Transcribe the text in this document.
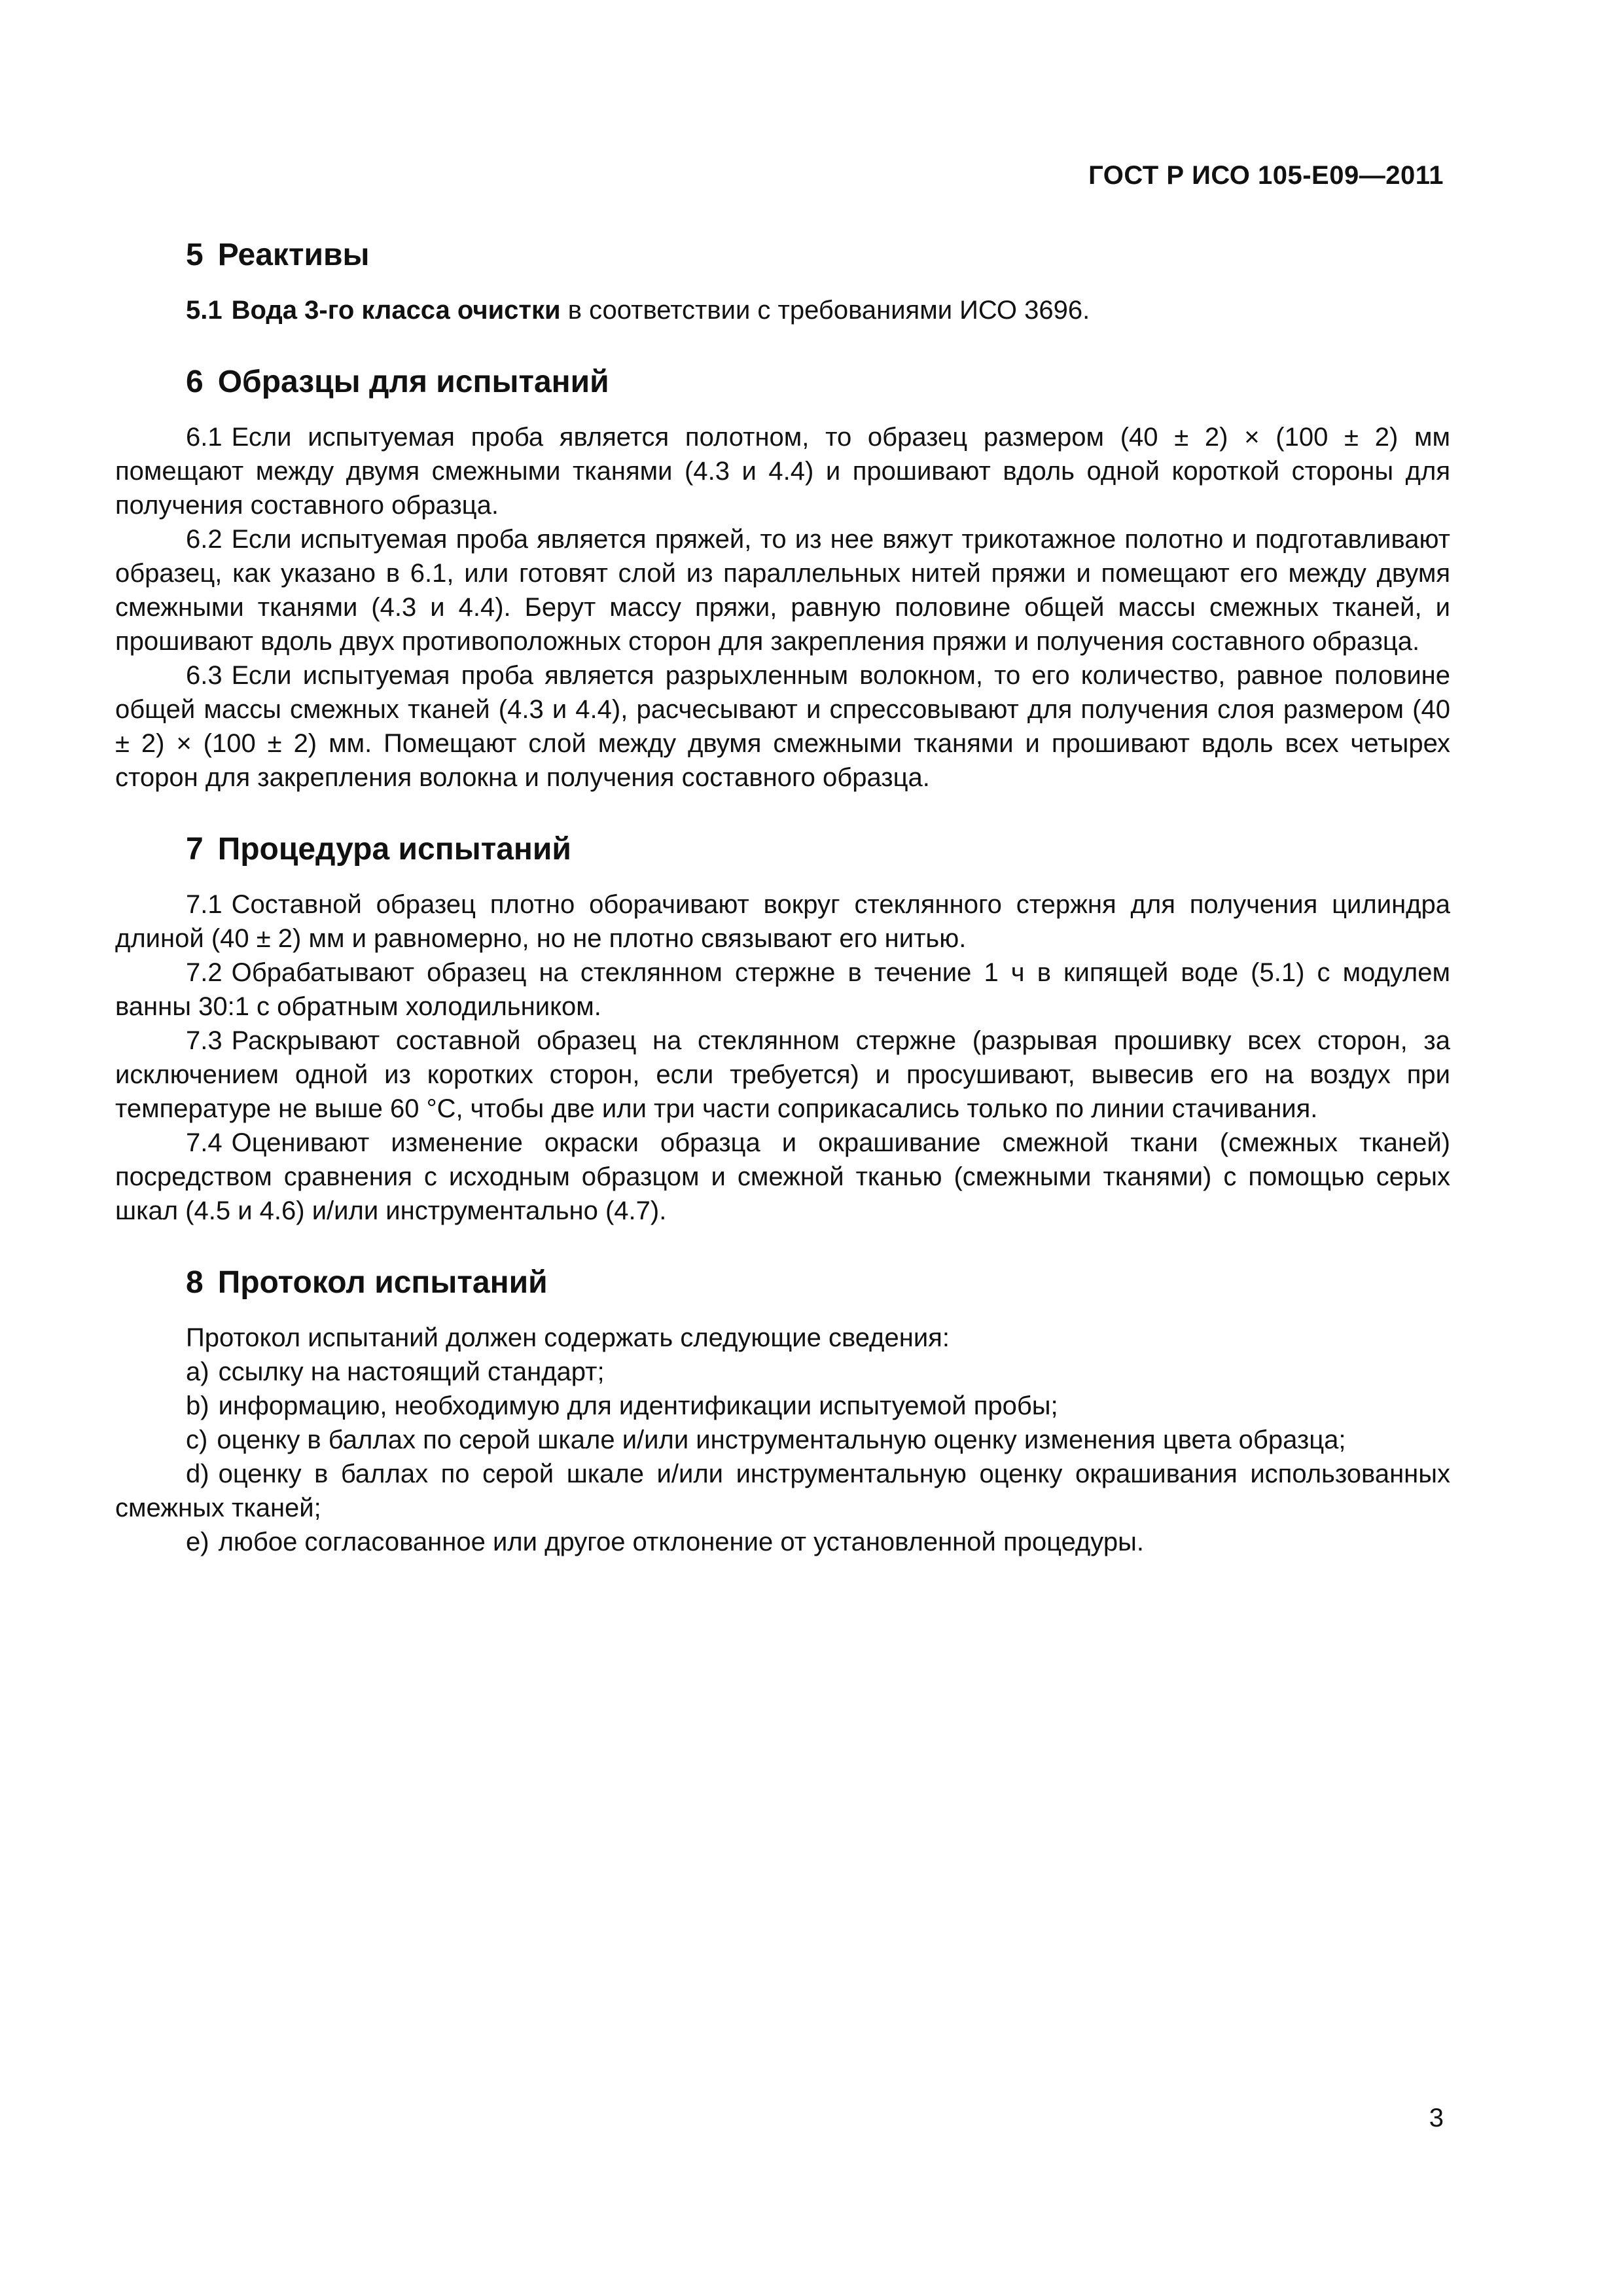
ГОСТ Р ИСО 105-Е09—2011
5 Реактивы

5.1 Вода 3-го класса очистки в соответствии с требованиями ИСО 3696.

6 Образцы для испытаний

6.1 Если испытуемая проба является полотном, то образец размером (40 ± 2) × (100 ± 2) мм помещают между двумя смежными тканями (4.3 и 4.4) и прошивают вдоль одной короткой стороны для получения составного образца.

6.2 Если испытуемая проба является пряжей, то из нее вяжут трикотажное полотно и подготавливают образец, как указано в 6.1, или готовят слой из параллельных нитей пряжи и помещают его между двумя смежными тканями (4.3 и 4.4). Берут массу пряжи, равную половине общей массы смежных тканей, и прошивают вдоль двух противоположных сторон для закрепления пряжи и получения составного образца.

6.3 Если испытуемая проба является разрыхленным волокном, то его количество, равное половине общей массы смежных тканей (4.3 и 4.4), расчесывают и спрессовывают для получения слоя размером (40 ± 2) × (100 ± 2) мм. Помещают слой между двумя смежными тканями и прошивают вдоль всех четырех сторон для закрепления волокна и получения составного образца.

7 Процедура испытаний

7.1 Составной образец плотно оборачивают вокруг стеклянного стержня для получения цилиндра длиной (40 ± 2) мм и равномерно, но не плотно связывают его нитью.

7.2 Обрабатывают образец на стеклянном стержне в течение 1 ч в кипящей воде (5.1) с модулем ванны 30:1 с обратным холодильником.

7.3 Раскрывают составной образец на стеклянном стержне (разрывая прошивку всех сторон, за исключением одной из коротких сторон, если требуется) и просушивают, вывесив его на воздух при температуре не выше 60 °С, чтобы две или три части соприкасались только по линии стачивания.

7.4 Оценивают изменение окраски образца и окрашивание смежной ткани (смежных тканей) посредством сравнения с исходным образцом и смежной тканью (смежными тканями) с помощью серых шкал (4.5 и 4.6) и/или инструментально (4.7).

8 Протокол испытаний

Протокол испытаний должен содержать следующие сведения:

a) ссылку на настоящий стандарт;

b) информацию, необходимую для идентификации испытуемой пробы;

c) оценку в баллах по серой шкале и/или инструментальную оценку изменения цвета образца;

d) оценку в баллах по серой шкале и/или инструментальную оценку окрашивания использованных смежных тканей;

e) любое согласованное или другое отклонение от установленной процедуры.

3
